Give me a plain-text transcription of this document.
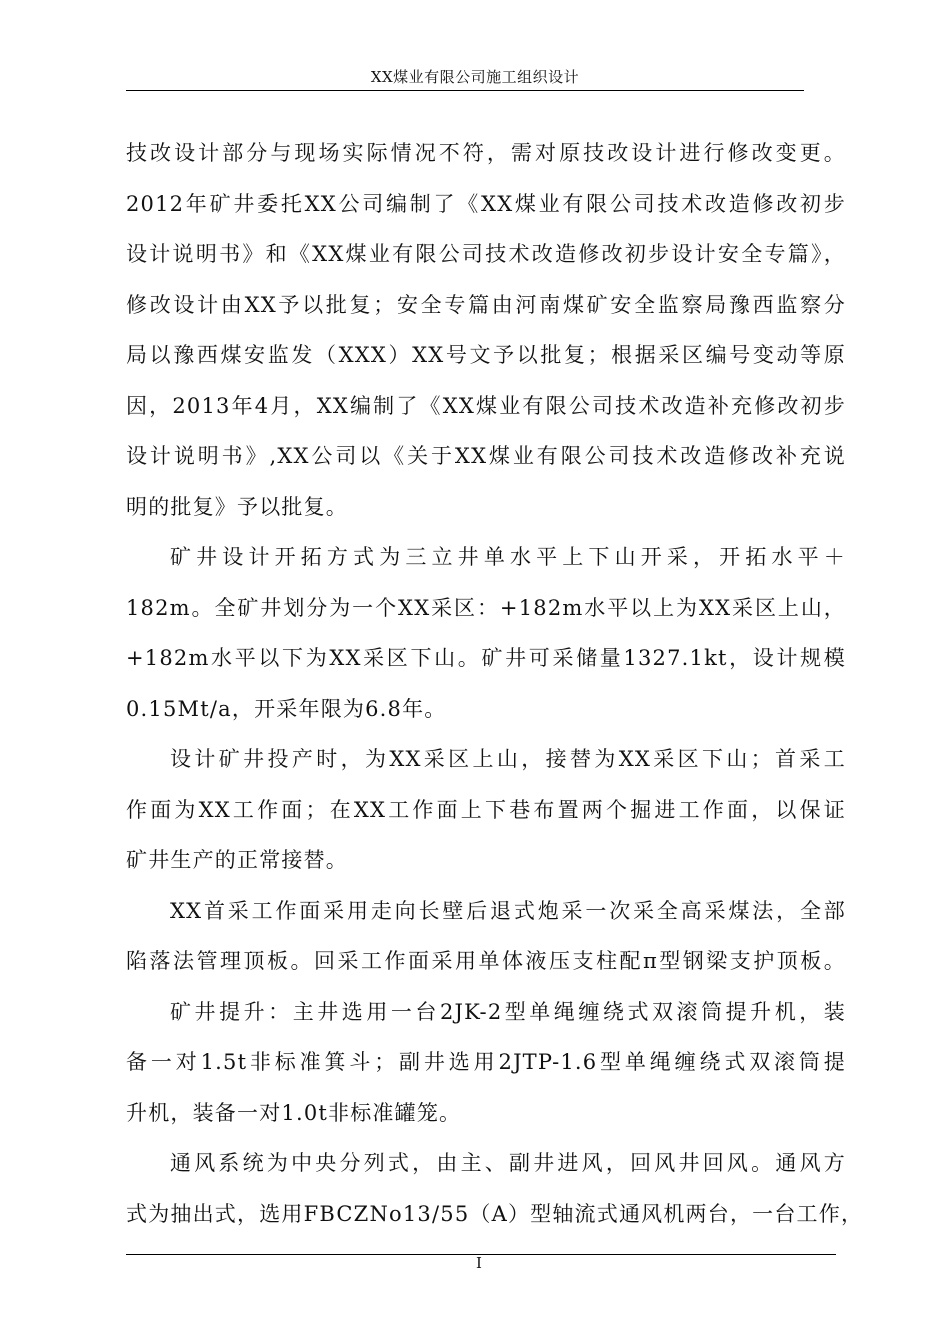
XX煤业有限公司施工组织设计
技改设计部分与现场实际情况不符，需对原技改设计进行修改变更。
2012年矿井委托XX公司编制了《XX煤业有限公司技术改造修改初步
设计说明书》和《XX煤业有限公司技术改造修改初步设计安全专篇》，
修改设计由XX予以批复；安全专篇由河南煤矿安全监察局豫西监察分
局以豫西煤安监发（XXX）XX号文予以批复；根据采区编号变动等原
因，2013年4月，XX编制了《XX煤业有限公司技术改造补充修改初步
设计说明书》,XX公司以《关于XX煤业有限公司技术改造修改补充说
明的批复》予以批复。
矿井设计开拓方式为三立井单水平上下山开采，开拓水平＋
182m。全矿井划分为一个XX采区：+182m水平以上为XX采区上山，
+182m水平以下为XX采区下山。矿井可采储量1327.1kt，设计规模
0.15Mt/a，开采年限为6.8年。
设计矿井投产时，为XX采区上山，接替为XX采区下山；首采工
作面为XX工作面；在XX工作面上下巷布置两个掘进工作面，以保证
矿井生产的正常接替。
XX首采工作面采用走向长壁后退式炮采一次采全高采煤法，全部
陷落法管理顶板。回采工作面采用单体液压支柱配π型钢梁支护顶板。
矿井提升：主井选用一台2JK-2型单绳缠绕式双滚筒提升机，装
备一对1.5t非标准箕斗；副井选用2JTP-1.6型单绳缠绕式双滚筒提
升机，装备一对1.0t非标准罐笼。
通风系统为中央分列式，由主、副井进风，回风井回风。通风方
式为抽出式，选用FBCZNo13/55（A）型轴流式通风机两台，一台工作，
I
